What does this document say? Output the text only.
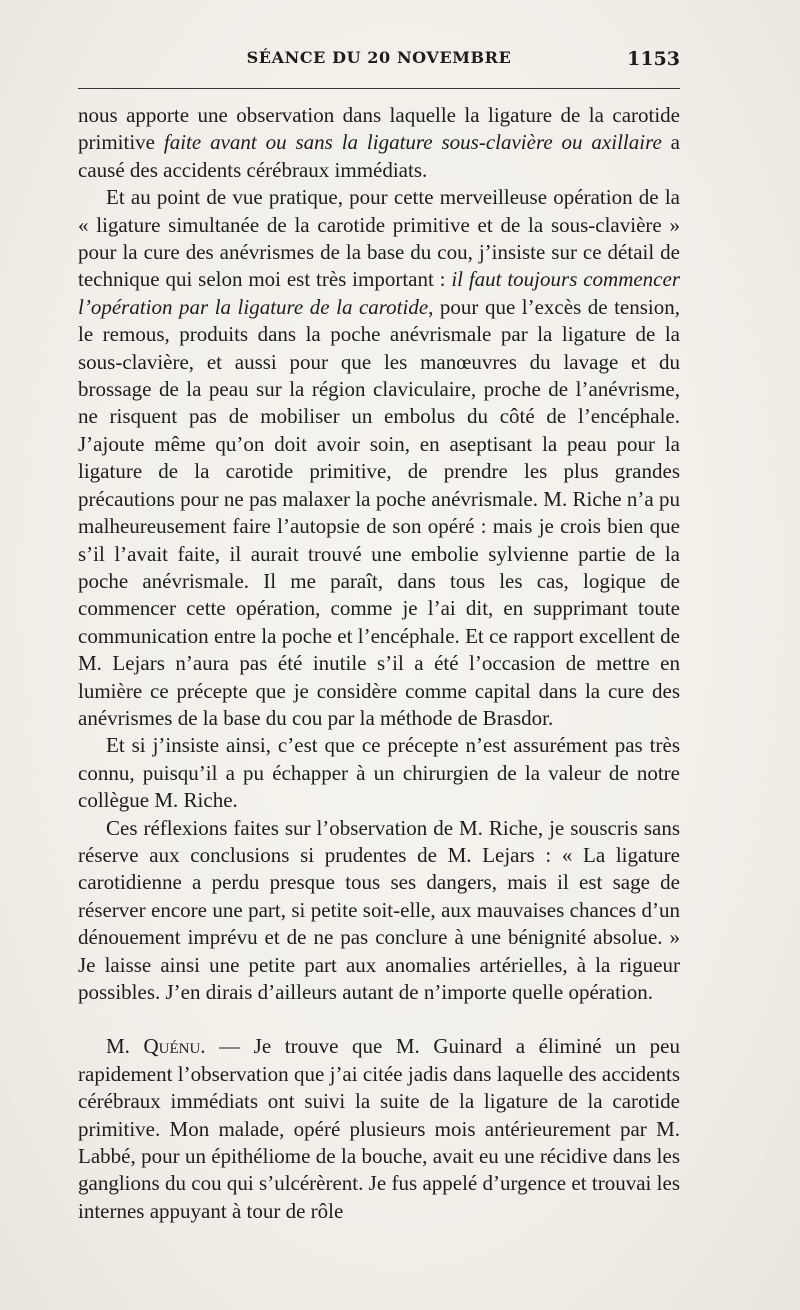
SÉANCE DU 20 NOVEMBRE	1153

nous apporte une observation dans laquelle la ligature de la carotide primitive faite avant ou sans la ligature sous-clavière ou axillaire a causé des accidents cérébraux immédiats.

Et au point de vue pratique, pour cette merveilleuse opération de la « ligature simultanée de la carotide primitive et de la sous-clavière » pour la cure des anévrismes de la base du cou, j’insiste sur ce détail de technique qui selon moi est très important : il faut toujours commencer l’opération par la ligature de la carotide, pour que l’excès de tension, le remous, produits dans la poche anévrismale par la ligature de la sous-clavière, et aussi pour que les manœuvres du lavage et du brossage de la peau sur la région claviculaire, proche de l’anévrisme, ne risquent pas de mobiliser un embolus du côté de l’encéphale. J’ajoute même qu’on doit avoir soin, en aseptisant la peau pour la ligature de la carotide primitive, de prendre les plus grandes précautions pour ne pas malaxer la poche anévrismale. M. Riche n’a pu malheureusement faire l’autopsie de son opéré : mais je crois bien que s’il l’avait faite, il aurait trouvé une embolie sylvienne partie de la poche anévrismale. Il me paraît, dans tous les cas, logique de commencer cette opération, comme je l’ai dit, en supprimant toute communication entre la poche et l’encéphale. Et ce rapport excellent de M. Lejars n’aura pas été inutile s’il a été l’occasion de mettre en lumière ce précepte que je considère comme capital dans la cure des anévrismes de la base du cou par la méthode de Brasdor.

Et si j’insiste ainsi, c’est que ce précepte n’est assurément pas très connu, puisqu’il a pu échapper à un chirurgien de la valeur de notre collègue M. Riche.

Ces réflexions faites sur l’observation de M. Riche, je souscris sans réserve aux conclusions si prudentes de M. Lejars : « La ligature carotidienne a perdu presque tous ses dangers, mais il est sage de réserver encore une part, si petite soit-elle, aux mauvaises chances d’un dénouement imprévu et de ne pas conclure à une bénignité absolue. » Je laisse ainsi une petite part aux anomalies artérielles, à la rigueur possibles. J’en dirais d’ailleurs autant de n’importe quelle opération.

M. Quénu. — Je trouve que M. Guinard a éliminé un peu rapidement l’observation que j’ai citée jadis dans laquelle des accidents cérébraux immédiats ont suivi la suite de la ligature de la carotide primitive. Mon malade, opéré plusieurs mois antérieurement par M. Labbé, pour un épithéliome de la bouche, avait eu une récidive dans les ganglions du cou qui s’ulcérèrent. Je fus appelé d’urgence et trouvai les internes appuyant à tour de rôle
